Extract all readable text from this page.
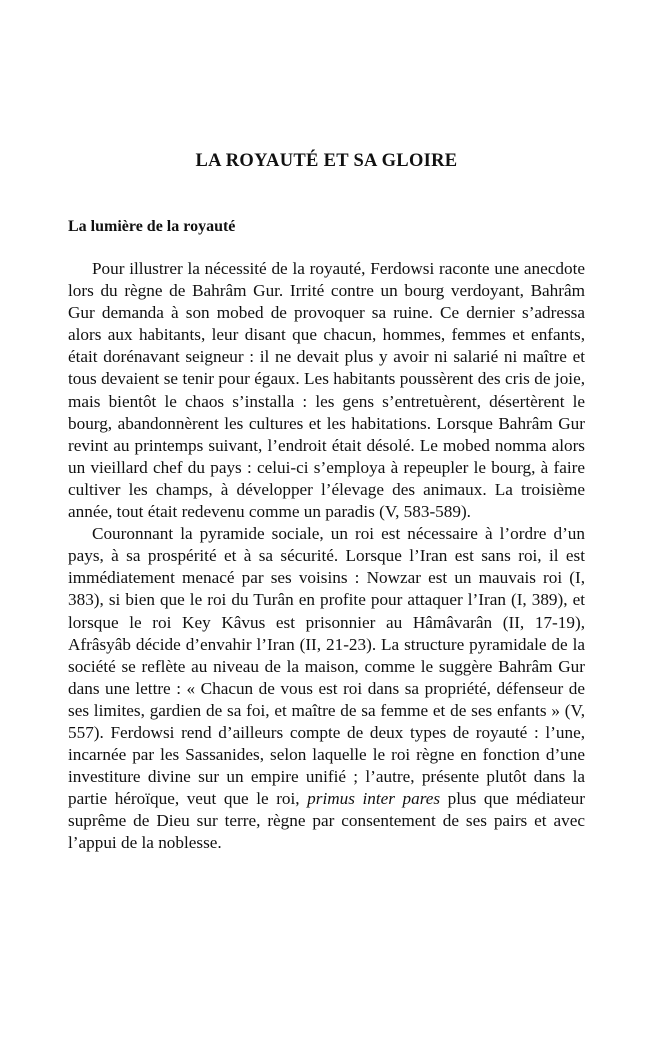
LA ROYAUTÉ ET SA GLOIRE
La lumière de la royauté

Pour illustrer la nécessité de la royauté, Ferdowsi raconte une anecdote lors du règne de Bahrâm Gur. Irrité contre un bourg verdoyant, Bahrâm Gur demanda à son mobed de provoquer sa ruine. Ce dernier s’adressa alors aux habitants, leur disant que chacun, hommes, femmes et enfants, était dorénavant seigneur : il ne devait plus y avoir ni salarié ni maître et tous devaient se tenir pour égaux. Les habitants poussèrent des cris de joie, mais bientôt le chaos s’installa : les gens s’entretuèrent, désertèrent le bourg, abandonnèrent les cultures et les habitations. Lorsque Bahrâm Gur revint au printemps suivant, l’endroit était désolé. Le mobed nomma alors un vieillard chef du pays : celui-ci s’employa à repeupler le bourg, à faire cultiver les champs, à développer l’élevage des animaux. La troisième année, tout était redevenu comme un paradis (V, 583-589).

Couronnant la pyramide sociale, un roi est nécessaire à l’ordre d’un pays, à sa prospérité et à sa sécurité. Lorsque l’Iran est sans roi, il est immédiatement menacé par ses voisins : Nowzar est un mauvais roi (I, 383), si bien que le roi du Turân en profite pour attaquer l’Iran (I, 389), et lorsque le roi Key Kâvus est prisonnier au Hâmâvarân (II, 17-19), Afrâsyâb décide d’envahir l’Iran (II, 21-23). La structure pyramidale de la société se reflète au niveau de la maison, comme le suggère Bahrâm Gur dans une lettre : « Chacun de vous est roi dans sa propriété, défenseur de ses limites, gardien de sa foi, et maître de sa femme et de ses enfants » (V, 557). Ferdowsi rend d’ailleurs compte de deux types de royauté : l’une, incarnée par les Sassanides, selon laquelle le roi règne en fonction d’une investiture divine sur un empire unifié ; l’autre, présente plutôt dans la partie héroïque, veut que le roi, primus inter pares plus que médiateur suprême de Dieu sur terre, règne par consentement de ses pairs et avec l’appui de la noblesse.
